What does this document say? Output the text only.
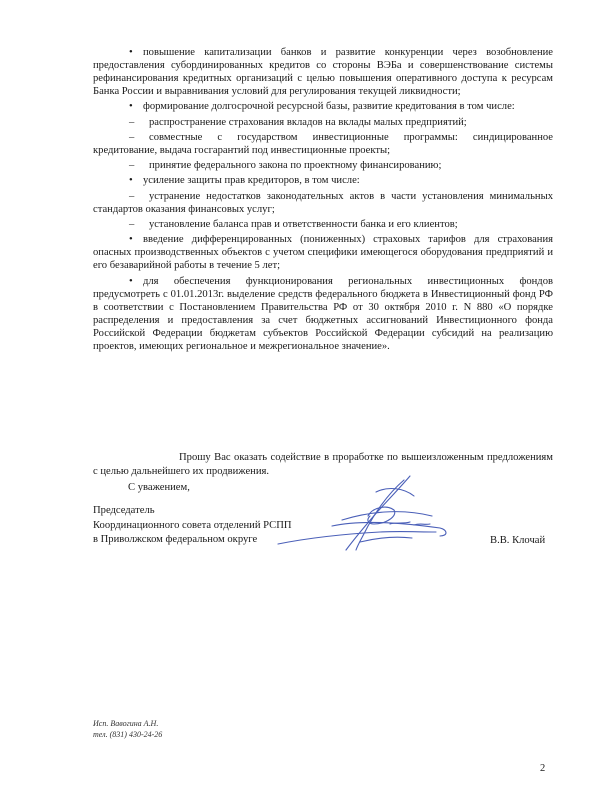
• повышение капитализации банков и развитие конкуренции через возобновление предоставления субординированных кредитов со стороны ВЭБа и совершенствование системы рефинансирования кредитных организаций с целью повышения оперативного доступа к ресурсам Банка России и выравнивания условий для регулирования текущей ликвидности;

• формирование долгосрочной ресурсной базы, развитие кредитования в том числе:

–	распространение страхования вкладов на вклады малых предприятий;

–	совместные с государством инвестиционные программы: синдицированное кредитование, выдача госгарантий под инвестиционные проекты;

–	принятие федерального закона по проектному финансированию;

• усиление защиты прав кредиторов, в том числе:

–	устранение недостатков законодательных актов в части установления минимальных стандартов оказания финансовых услуг;

–	установление баланса прав и ответственности банка и его клиентов;

• введение дифференцированных (пониженных) страховых тарифов для страхования опасных производственных объектов с учетом специфики имеющегося оборудования предприятий и его безаварийной работы в течение 5 лет;

• для обеспечения функционирования региональных инвестиционных фондов предусмотреть с 01.01.2013г. выделение средств федерального бюджета в Инвестиционный фонд РФ в соответствии с Постановлением Правительства РФ от 30 октября 2010 г. N 880 «О порядке распределения и предоставления за счет бюджетных ассигнований Инвестиционного фонда Российской Федерации бюджетам субъектов Российской Федерации субсидий на реализацию проектов, имеющих региональное и межрегиональное значение».

Прошу Вас оказать содействие в проработке по вышеизложенным предложениям с целью дальнейшего их продвижения.

С уважением,
Председатель
Координационного совета отделений РСПП
в Приволжском федеральном округе	В.В. Клочай
Исп. Вавогина А.Н.
тел. (831) 430-24-26
2
